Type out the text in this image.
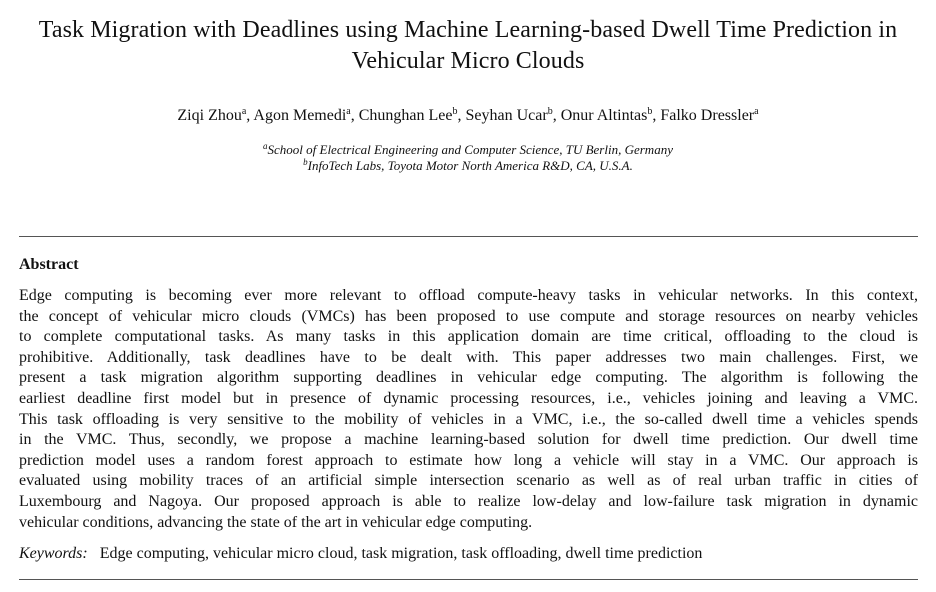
Task Migration with Deadlines using Machine Learning-based Dwell Time Prediction in
Vehicular Micro Clouds
Ziqi Zhou$^a$, Agon Memedi$^a$, Chunghan Lee$^b$, Seyhan Ucar$^b$, Onur Altintas$^b$, Falko Dressler$^a$
$^a$School of Electrical Engineering and Computer Science, TU Berlin, Germany
$^b$InfoTech Labs, Toyota Motor North America R&D, CA, U.S.A.
Abstract
Edge computing is becoming ever more relevant to offload compute-heavy tasks in vehicular networks. In this context,
the concept of vehicular micro clouds (VMCs) has been proposed to use compute and storage resources on nearby vehicles
to complete computational tasks. As many tasks in this application domain are time critical, offloading to the cloud is
prohibitive. Additionally, task deadlines have to be dealt with. This paper addresses two main challenges. First, we
present a task migration algorithm supporting deadlines in vehicular edge computing. The algorithm is following the
earliest deadline first model but in presence of dynamic processing resources, i.e., vehicles joining and leaving a VMC.
This task offloading is very sensitive to the mobility of vehicles in a VMC, i.e., the so-called dwell time a vehicles spends
in the VMC. Thus, secondly, we propose a machine learning-based solution for dwell time prediction. Our dwell time
prediction model uses a random forest approach to estimate how long a vehicle will stay in a VMC. Our approach is
evaluated using mobility traces of an artificial simple intersection scenario as well as of real urban traffic in cities of
Luxembourg and Nagoya. Our proposed approach is able to realize low-delay and low-failure task migration in dynamic
vehicular conditions, advancing the state of the art in vehicular edge computing.
Keywords: Edge computing, vehicular micro cloud, task migration, task offloading, dwell time prediction
